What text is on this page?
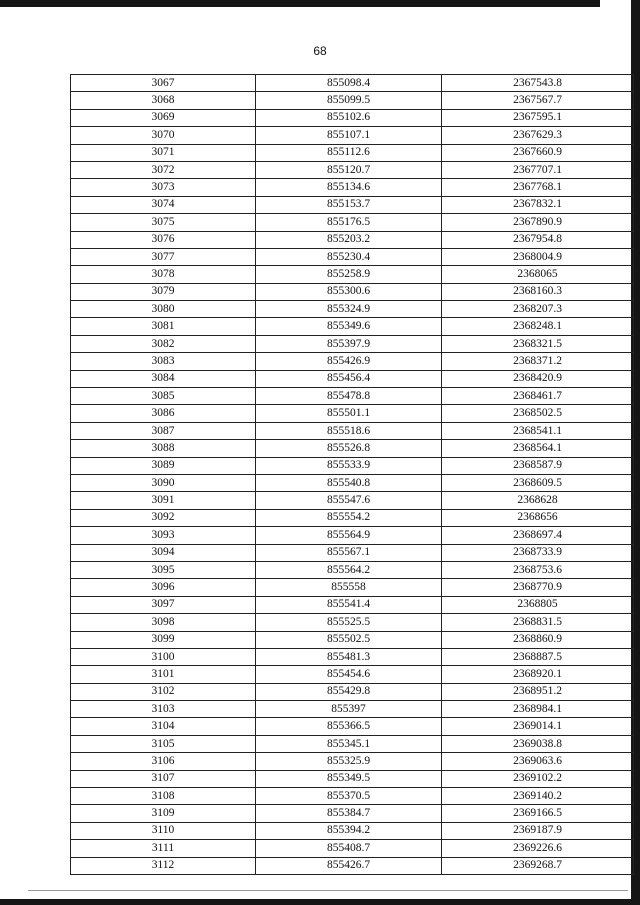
68
3067	855098.4	2367543.8
3068	855099.5	2367567.7
3069	855102.6	2367595.1
3070	855107.1	2367629.3
3071	855112.6	2367660.9
3072	855120.7	2367707.1
3073	855134.6	2367768.1
3074	855153.7	2367832.1
3075	855176.5	2367890.9
3076	855203.2	2367954.8
3077	855230.4	2368004.9
3078	855258.9	2368065
3079	855300.6	2368160.3
3080	855324.9	2368207.3
3081	855349.6	2368248.1
3082	855397.9	2368321.5
3083	855426.9	2368371.2
3084	855456.4	2368420.9
3085	855478.8	2368461.7
3086	855501.1	2368502.5
3087	855518.6	2368541.1
3088	855526.8	2368564.1
3089	855533.9	2368587.9
3090	855540.8	2368609.5
3091	855547.6	2368628
3092	855554.2	2368656
3093	855564.9	2368697.4
3094	855567.1	2368733.9
3095	855564.2	2368753.6
3096	855558	2368770.9
3097	855541.4	2368805
3098	855525.5	2368831.5
3099	855502.5	2368860.9
3100	855481.3	2368887.5
3101	855454.6	2368920.1
3102	855429.8	2368951.2
3103	855397	2368984.1
3104	855366.5	2369014.1
3105	855345.1	2369038.8
3106	855325.9	2369063.6
3107	855349.5	2369102.2
3108	855370.5	2369140.2
3109	855384.7	2369166.5
3110	855394.2	2369187.9
3111	855408.7	2369226.6
3112	855426.7	2369268.7
